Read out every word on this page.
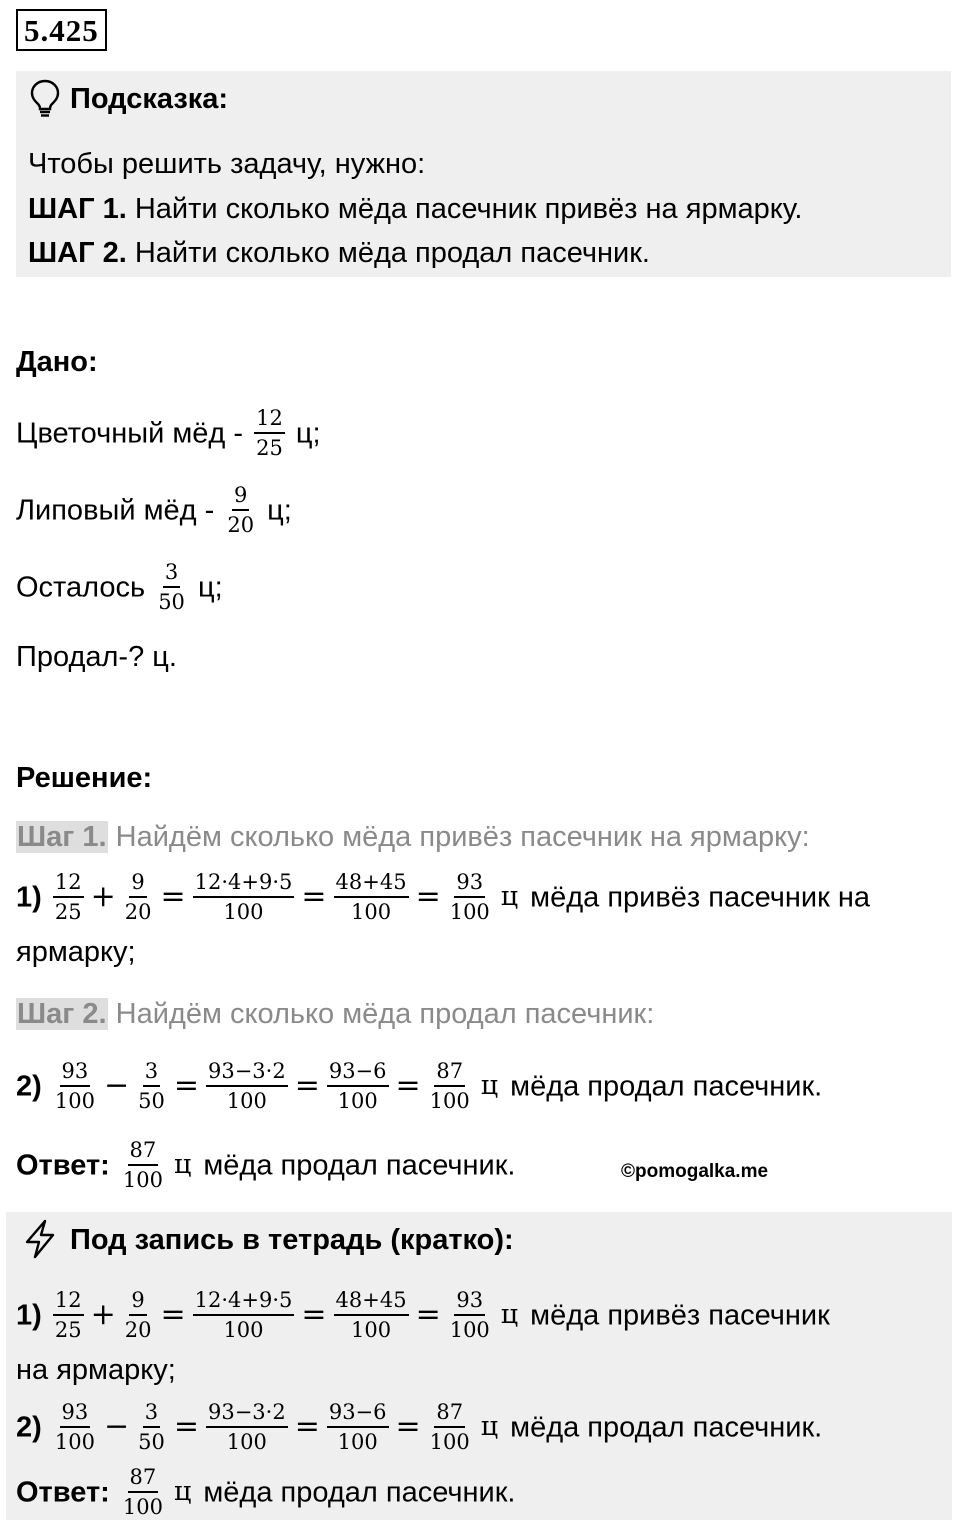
5.425
Подсказка:
Чтобы решить задачу, нужно:
ШАГ 1. Найти сколько мёда пасечник привёз на ярмарку.
ШАГ 2. Найти сколько мёда продал пасечник.
Дано:
Цветочный мёд - $\frac{12}{25} ц$;
Липовый мёд - $\frac{9}{20} ц$;
Осталось $\frac{3}{50} ц$;
Продал-? ц.
Решение:
Шаг 1. Найдём сколько мёда привёз пасечник на ярмарку:
$1) \frac{12}{25} + \frac{9}{20} = \frac{12\cdot 4+9\cdot 5}{100} = \frac{48+45}{100} = \frac{93}{100}$ ц мёда привёз пасечник на
ярмарку;
Шаг 2. Найдём сколько мёда продал пасечник:
$2) \frac{93}{100} - \frac{3}{50} = \frac{93-3\cdot 2}{100} = \frac{93-6}{100} = \frac{87}{100}$ ц мёда продал пасечник.
Ответ: $\frac{87}{100}$ ц мёда продал пасечник.	©pomogalka.me
Под запись в тетрадь (кратко):
$1) \frac{12}{25} + \frac{9}{20} = \frac{12\cdot 4+9\cdot 5}{100} = \frac{48+45}{100} = \frac{93}{100}$ ц мёда привёз пасечник
на ярмарку;
$2) \frac{93}{100} - \frac{3}{50} = \frac{93-3\cdot 2}{100} = \frac{93-6}{100} = \frac{87}{100}$ ц мёда продал пасечник.
Ответ: $\frac{87}{100}$ ц мёда продал пасечник.
